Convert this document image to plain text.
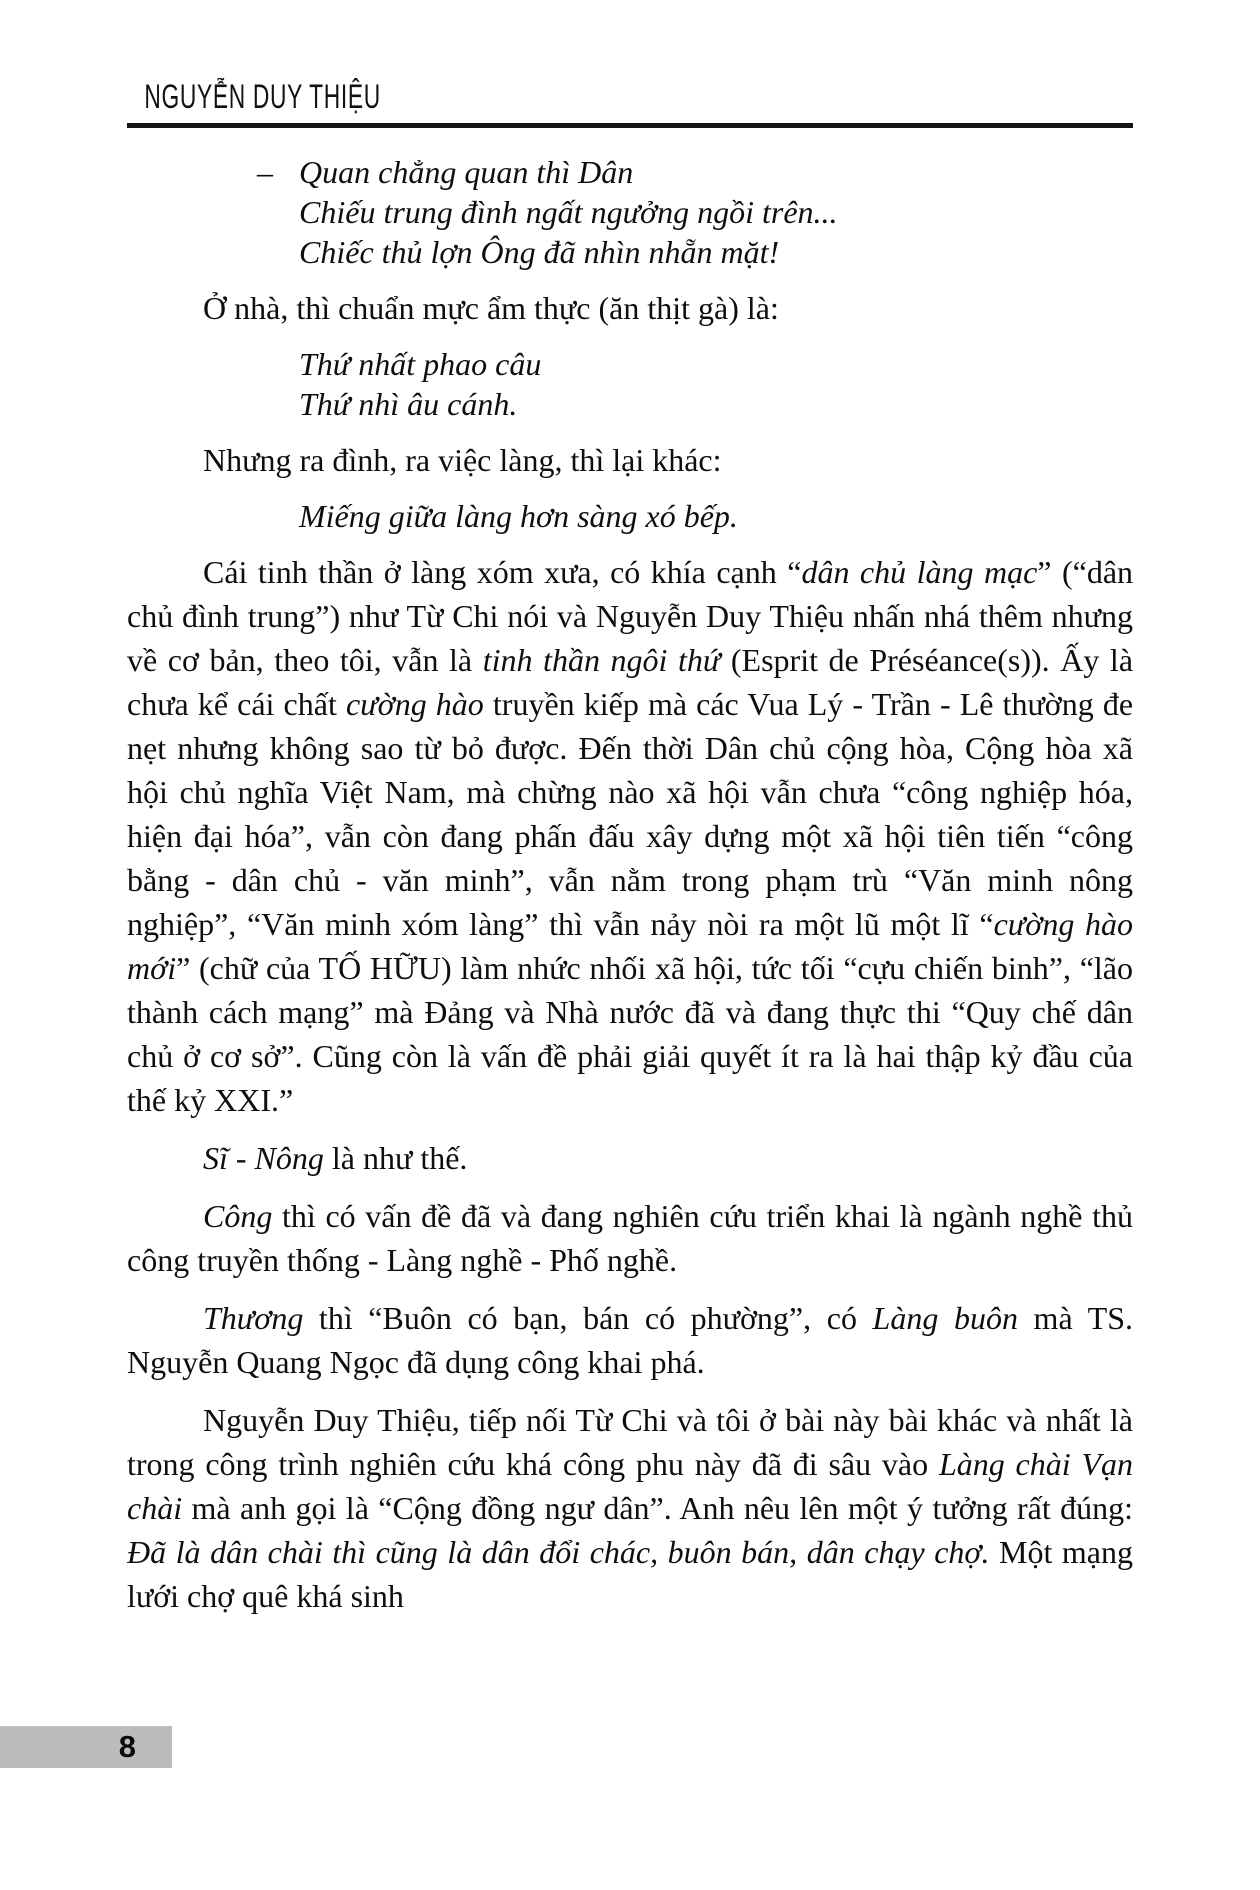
NGUYỄN DUY THIỆU
– Quan chẳng quan thì Dân
Chiếu trung đình ngất ngưởng ngồi trên...
Chiếc thủ lợn Ông đã nhìn nhẵn mặt!

Ở nhà, thì chuẩn mực ẩm thực (ăn thịt gà) là:

Thứ nhất phao câu
Thứ nhì âu cánh.

Nhưng ra đình, ra việc làng, thì lại khác:

Miếng giữa làng hơn sàng xó bếp.

Cái tinh thần ở làng xóm xưa, có khía cạnh “dân chủ làng mạc” (“dân chủ đình trung”) như Từ Chi nói và Nguyễn Duy Thiệu nhấn nhá thêm nhưng về cơ bản, theo tôi, vẫn là tinh thần ngôi thứ (Esprit de Préséance(s)). Ấy là chưa kể cái chất cường hào truyền kiếp mà các Vua Lý - Trần - Lê thường đe nẹt nhưng không sao từ bỏ được. Đến thời Dân chủ cộng hòa, Cộng hòa xã hội chủ nghĩa Việt Nam, mà chừng nào xã hội vẫn chưa “công nghiệp hóa, hiện đại hóa”, vẫn còn đang phấn đấu xây dựng một xã hội tiên tiến “công bằng - dân chủ - văn minh”, vẫn nằm trong phạm trù “Văn minh nông nghiệp”, “Văn minh xóm làng” thì vẫn nảy nòi ra một lũ một lĩ “cường hào mới” (chữ của TỐ HỮU) làm nhức nhối xã hội, tức tối “cựu chiến binh”, “lão thành cách mạng” mà Đảng và Nhà nước đã và đang thực thi “Quy chế dân chủ ở cơ sở”. Cũng còn là vấn đề phải giải quyết ít ra là hai thập kỷ đầu của thế kỷ XXI.”

Sĩ - Nông là như thế.

Công thì có vấn đề đã và đang nghiên cứu triển khai là ngành nghề thủ công truyền thống - Làng nghề - Phố nghề.

Thương thì “Buôn có bạn, bán có phường”, có Làng buôn mà TS. Nguyễn Quang Ngọc đã dụng công khai phá.

Nguyễn Duy Thiệu, tiếp nối Từ Chi và tôi ở bài này bài khác và nhất là trong công trình nghiên cứu khá công phu này đã đi sâu vào Làng chài Vạn chài mà anh gọi là “Cộng đồng ngư dân”. Anh nêu lên một ý tưởng rất đúng: Đã là dân chài thì cũng là dân đổi chác, buôn bán, dân chạy chợ. Một mạng lưới chợ quê khá sinh

8
